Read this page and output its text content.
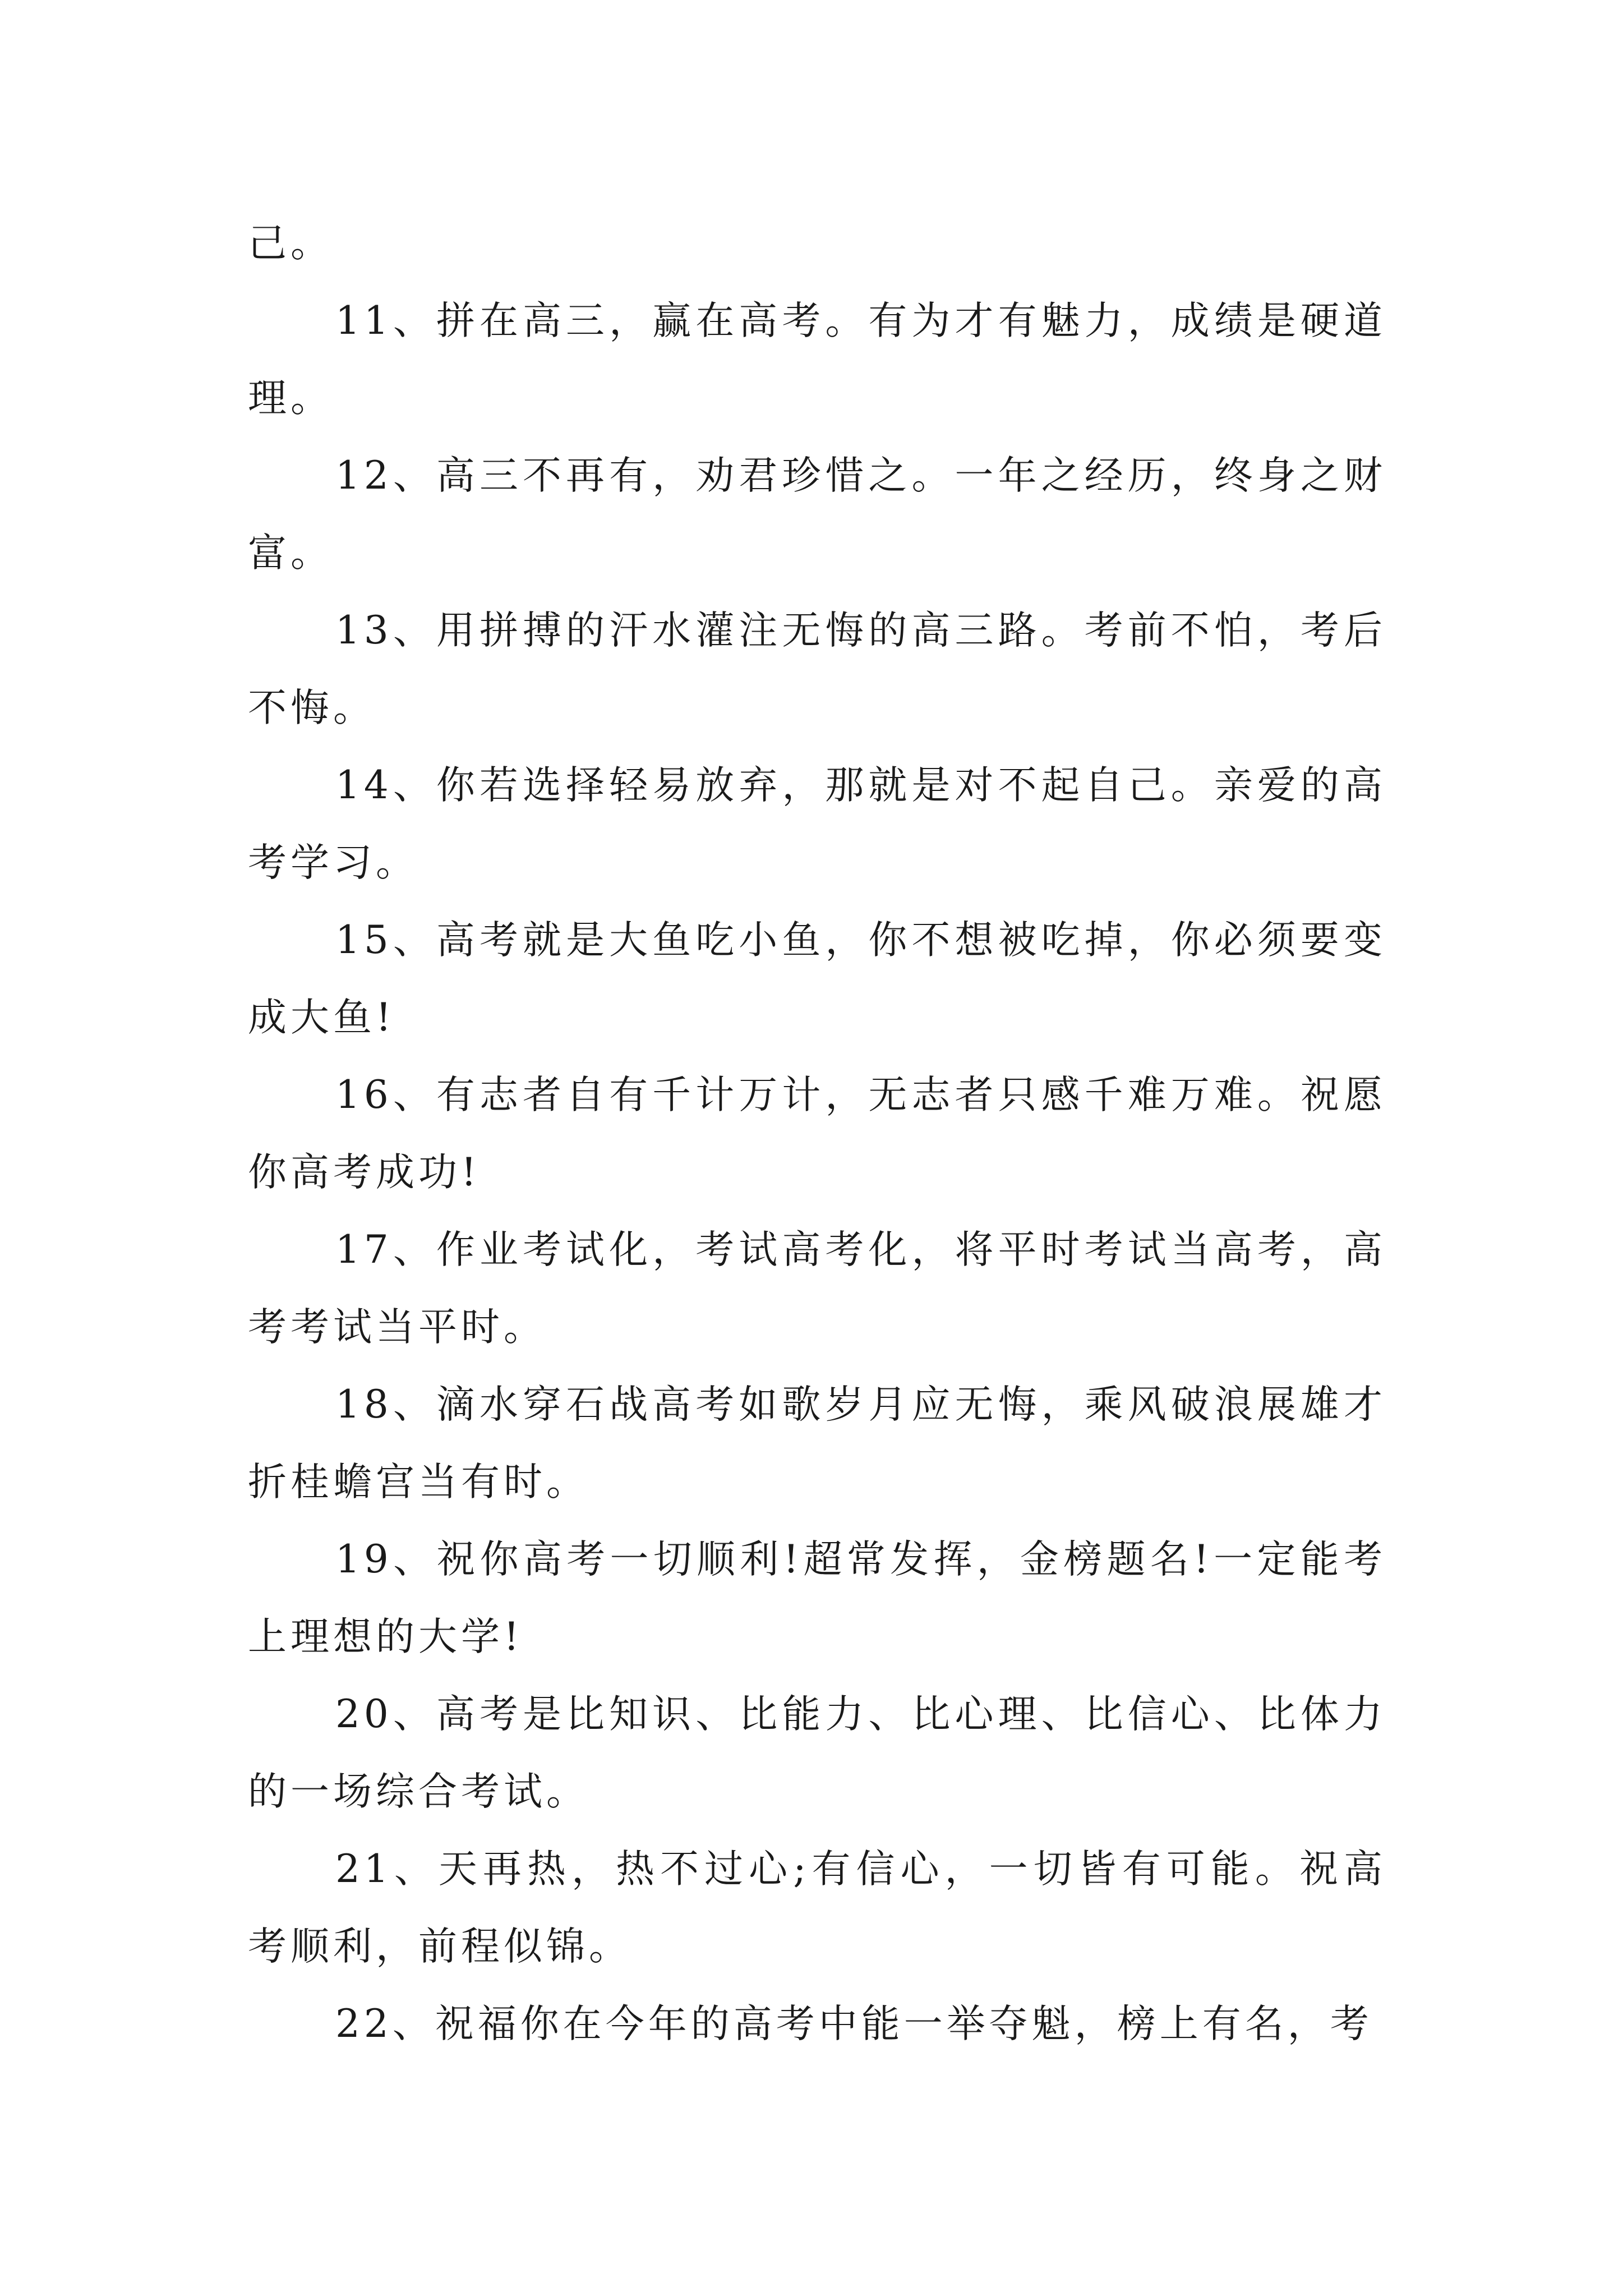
己。

11、拼在高三，赢在高考。有为才有魅力，成绩是硬道理。

12、高三不再有，劝君珍惜之。一年之经历，终身之财富。

13、用拼搏的汗水灌注无悔的高三路。考前不怕，考后不悔。

14、你若选择轻易放弃，那就是对不起自己。亲爱的高考学习。

15、高考就是大鱼吃小鱼，你不想被吃掉，你必须要变成大鱼!

16、有志者自有千计万计，无志者只感千难万难。祝愿你高考成功!

17、作业考试化，考试高考化，将平时考试当高考，高考考试当平时。

18、滴水穿石战高考如歌岁月应无悔，乘风破浪展雄才折桂蟾宫当有时。

19、祝你高考一切顺利!超常发挥，金榜题名!一定能考上理想的大学!

20、高考是比知识、比能力、比心理、比信心、比体力的一场综合考试。

21、天再热，热不过心;有信心，一切皆有可能。祝高考顺利，前程似锦。

22、祝福你在今年的高考中能一举夺魁，榜上有名，考
